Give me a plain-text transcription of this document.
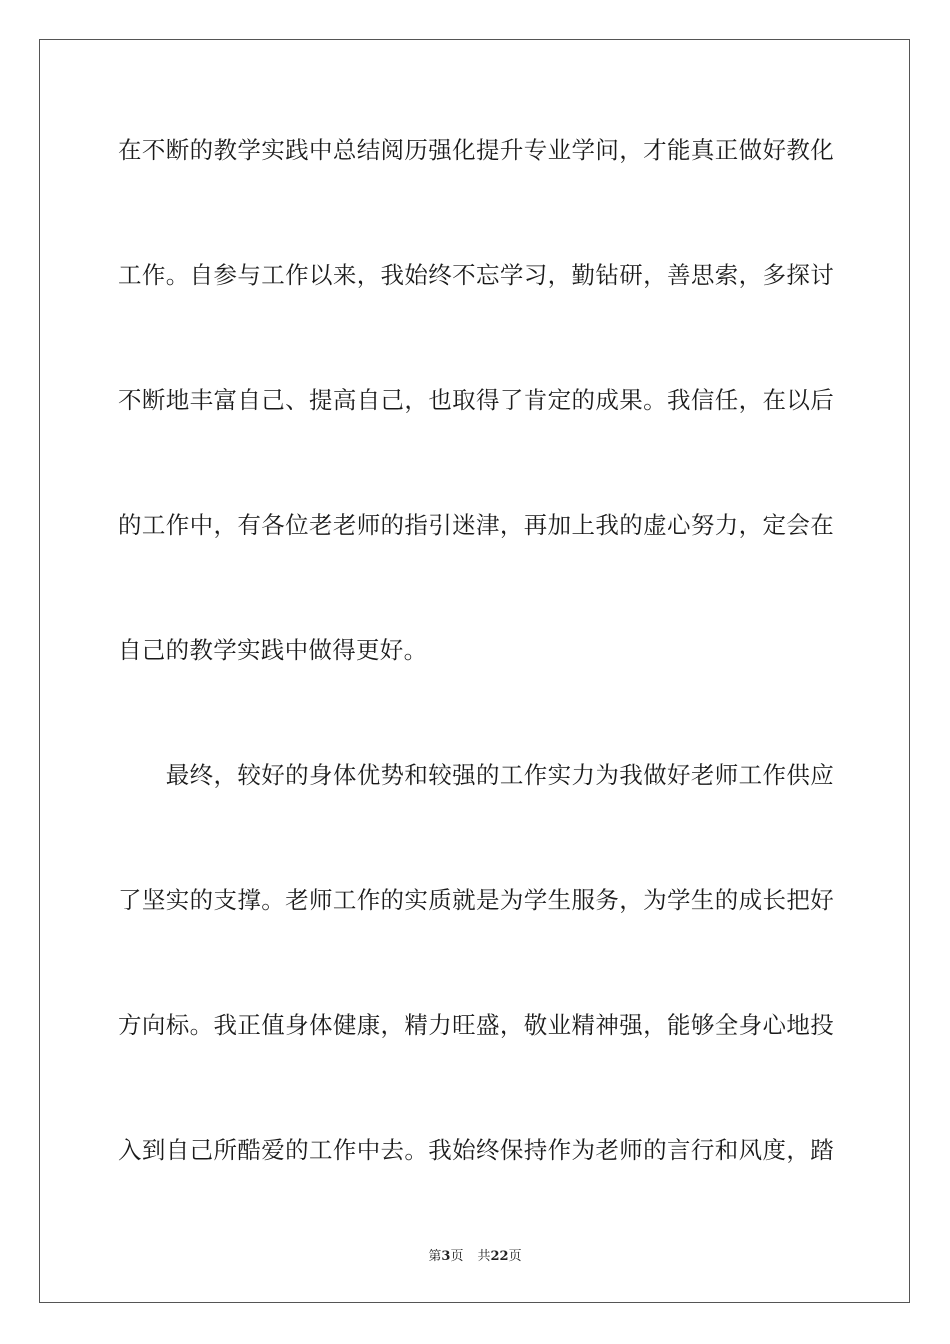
在不断的教学实践中总结阅历强化提升专业学问，才能真正做好教化
工作。自参与工作以来，我始终不忘学习，勤钻研，善思索，多探讨
不断地丰富自己、提高自己，也取得了肯定的成果。我信任，在以后
的工作中，有各位老老师的指引迷津，再加上我的虚心努力，定会在
自己的教学实践中做得更好。
　　最终，较好的身体优势和较强的工作实力为我做好老师工作供应
了坚实的支撑。老师工作的实质就是为学生服务，为学生的成长把好
方向标。我正值身体健康，精力旺盛，敬业精神强，能够全身心地投
入到自己所酷爱的工作中去。我始终保持作为老师的言行和风度，踏
第3页 共22页
